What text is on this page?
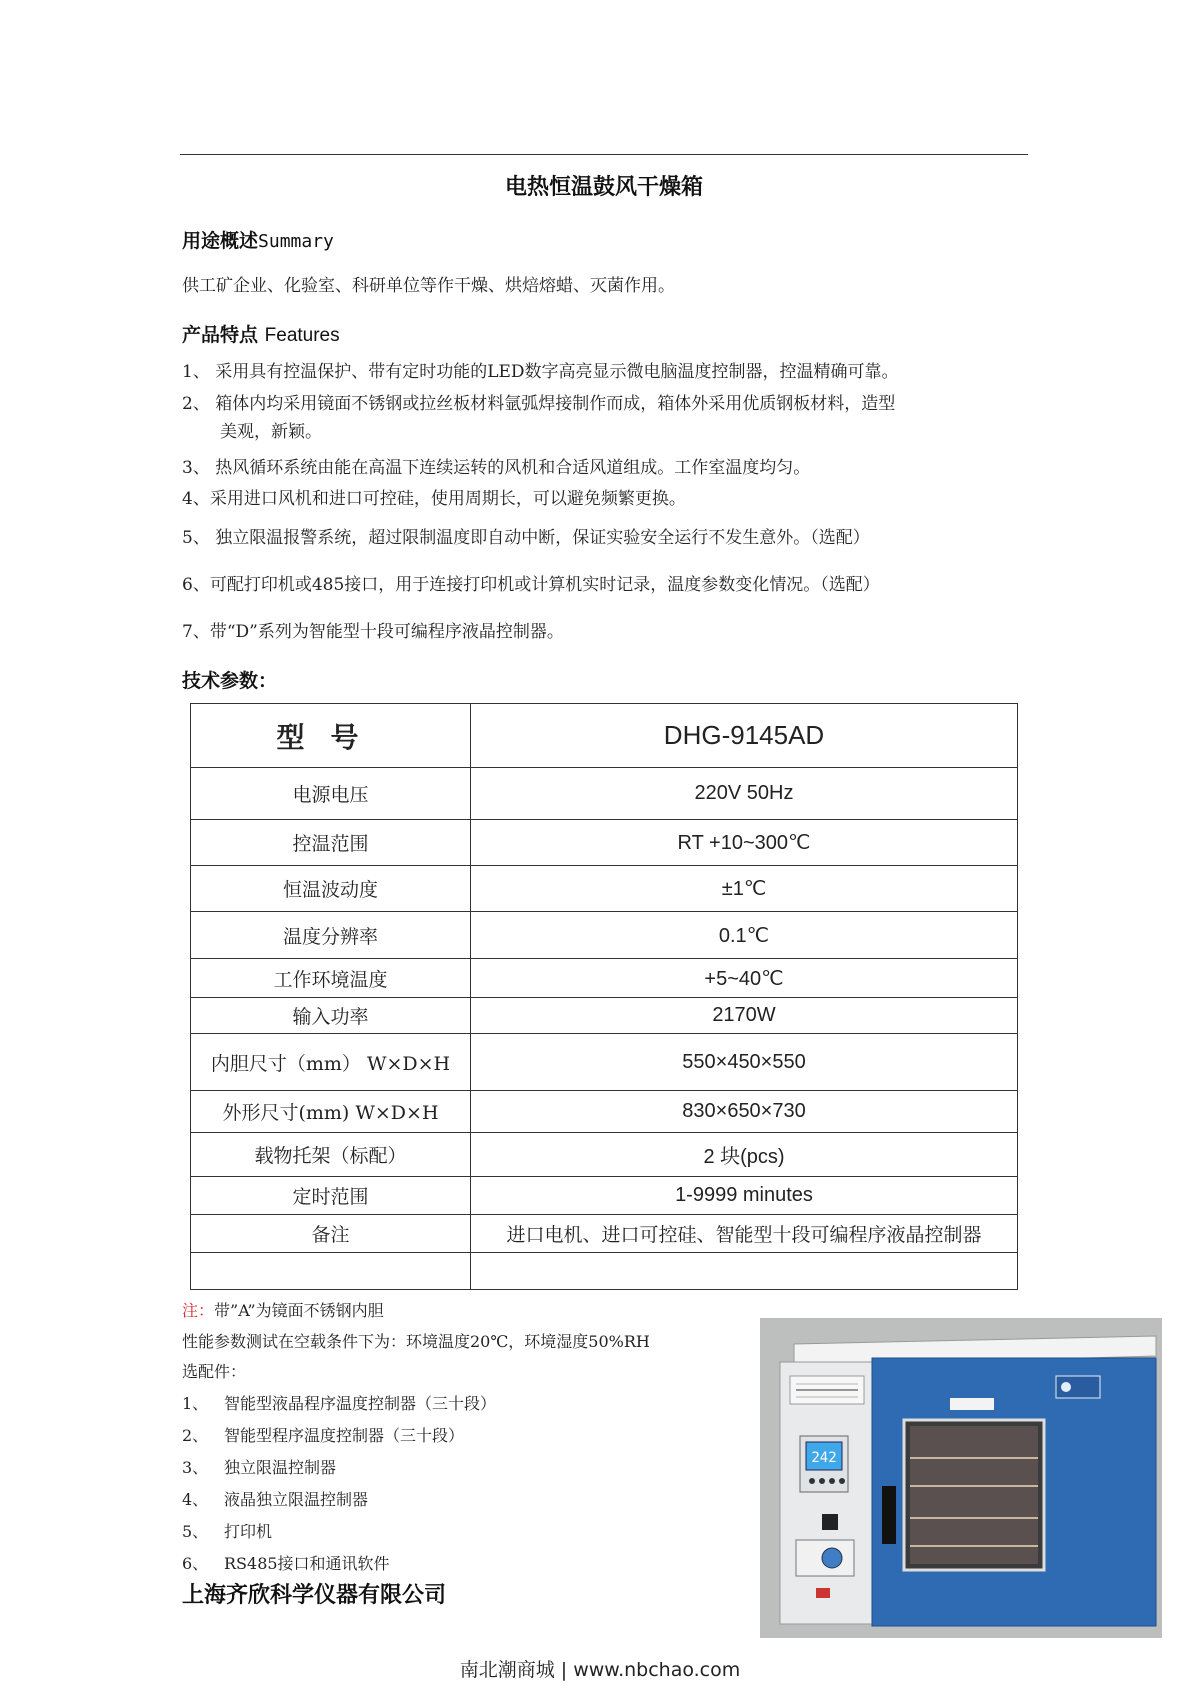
电热恒温鼓风干燥箱
用途概述Summary
供工矿企业、化验室、科研单位等作干燥、烘焙熔蜡、灭菌作用。
产品特点 Features
1、 采用具有控温保护、带有定时功能的LED数字高亮显示微电脑温度控制器，控温精确可靠。
2、 箱体内均采用镜面不锈钢或拉丝板材料氩弧焊接制作而成，箱体外采用优质钢板材料，造型
美观，新颖。
3、 热风循环系统由能在高温下连续运转的风机和合适风道组成。工作室温度均匀。
4、采用进口风机和进口可控硅，使用周期长，可以避免频繁更换。
5、 独立限温报警系统，超过限制温度即自动中断，保证实验安全运行不发生意外。（选配）
6、可配打印机或485接口，用于连接打印机或计算机实时记录，温度参数变化情况。（选配）
7、带“D”系列为智能型十段可编程序液晶控制器。
技术参数：
型号	DHG-9145AD
电源电压	220V 50Hz
控温范围	RT +10~300℃
恒温波动度	±1℃
温度分辨率	0.1℃
工作环境温度	+5~40℃
输入功率	2170W
内胆尺寸（mm） W×D×H	550×450×550
外形尺寸(mm) W×D×H	830×650×730
载物托架（标配）	2 块(pcs)
定时范围	1-9999 minutes
备注	进口电机、进口可控硅、智能型十段可编程序液晶控制器

注：带”A”为镜面不锈钢内胆
性能参数测试在空载条件下为：环境温度20℃，环境湿度50%RH
选配件：
1、 智能型液晶程序温度控制器（三十段）
2、 智能型程序温度控制器（三十段）
3、 独立限温控制器
4、 液晶独立限温控制器
5、 打印机
6、 RS485接口和通讯软件
上海齐欣科学仪器有限公司
242
南北潮商城 | www.nbchao.com
